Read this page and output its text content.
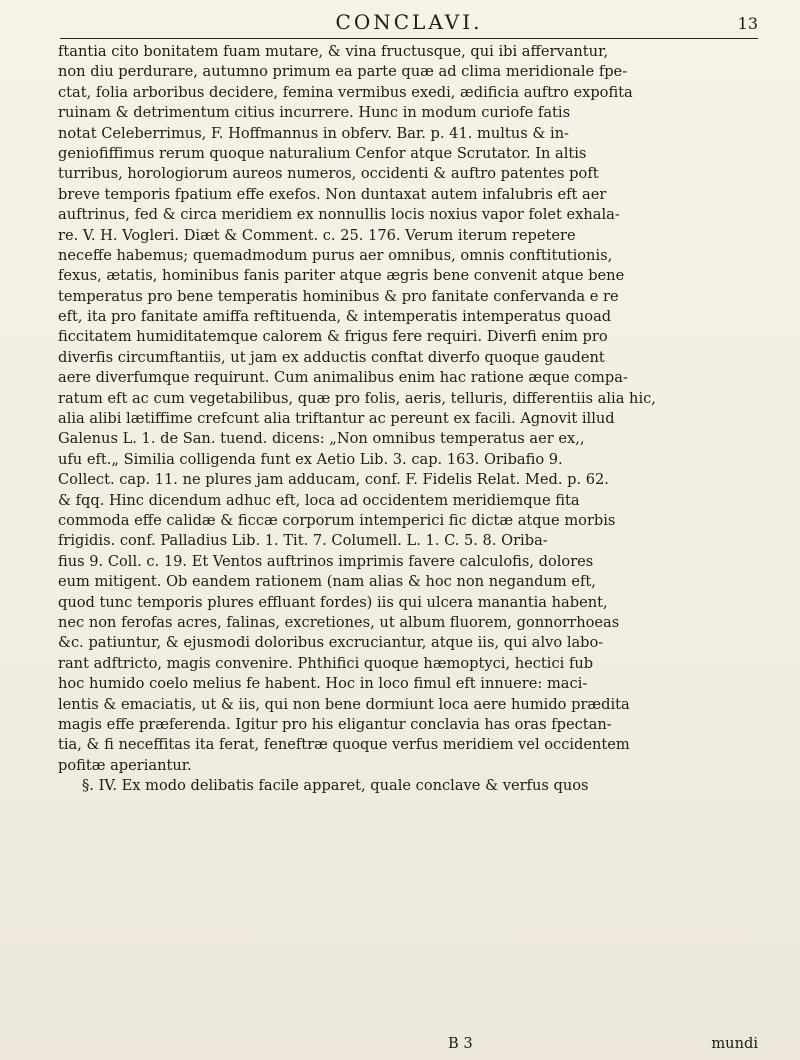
CONCLAVI.	13
ftantia cito bonitatem fuam mutare, & vina fructusque, qui ibi affervantur,
non diu perdurare, autumno primum ea parte quæ ad clima meridionale fpe-
ctat, folia arboribus decidere, femina vermibus exedi, ædificia auftro expofita
ruinam & detrimentum citius incurrere. Hunc in modum curiofe fatis
notat Celeberrimus, F. Hoffmannus in obferv. Bar. p. 41. multus & in-
geniofiffimus rerum quoque naturalium Cenfor atque Scrutator. In altis
turribus, horologiorum aureos numeros, occidenti & auftro patentes poft
breve temporis fpatium effe exefos. Non duntaxat autem infalubris eft aer
auftrinus, fed & circa meridiem ex nonnullis locis noxius vapor folet exhala-
re. V. H. Vogleri. Diæt & Comment. c. 25. 176. Verum iterum repetere
neceffe habemus; quemadmodum purus aer omnibus, omnis conftitutionis,
fexus, ætatis, hominibus fanis pariter atque ægris bene convenit atque bene
temperatus pro bene temperatis hominibus & pro fanitate confervanda e re
eft, ita pro fanitate amiffa reftituenda, & intemperatis intemperatus quoad
ficcitatem humiditatemque calorem & frigus fere requiri. Diverfi enim pro
diverfis circumftantiis, ut jam ex adductis conftat diverfo quoque gaudent
aere diverfumque requirunt. Cum animalibus enim hac ratione æque compa-
ratum eft ac cum vegetabilibus, quæ pro folis, aeris, telluris, differentiis alia hic,
alia alibi lætiffime crefcunt alia triftantur ac pereunt ex facili. Agnovit illud
Galenus L. 1. de San. tuend. dicens: „Non omnibus temperatus aer ex,,
ufu eft.„ Similia colligenda funt ex Aetio Lib. 3. cap. 163. Oribafio 9.
Collect. cap. 11. ne plures jam adducam, conf. F. Fidelis Relat. Med. p. 62.
& fqq. Hinc dicendum adhuc eft, loca ad occidentem meridiemque fita
commoda effe calidæ & ficcæ corporum intemperici fic dictæ atque morbis
frigidis. conf. Palladius Lib. 1. Tit. 7. Columell. L. 1. C. 5. 8. Oriba-
fius 9. Coll. c. 19. Et Ventos auftrinos imprimis favere calculofis, dolores
eum mitigent. Ob eandem rationem (nam alias & hoc non negandum eft,
quod tunc temporis plures effluant fordes) iis qui ulcera manantia habent,
nec non ferofas acres, falinas, excretiones, ut album fluorem, gonnorrhoeas
&c. patiuntur, & ejusmodi doloribus excruciantur, atque iis, qui alvo labo-
rant adftricto, magis convenire. Phthifici quoque hæmoptyci, hectici fub
hoc humido coelo melius fe habent. Hoc in loco fimul eft innuere: maci-
lentis & emaciatis, ut & iis, qui non bene dormiunt loca aere humido prædita
magis effe præferenda. Igitur pro his eligantur conclavia has oras fpectan-
tia, & fi neceffitas ita ferat, feneftræ quoque verfus meridiem vel occidentem
pofitæ aperiantur.
§. IV. Ex modo delibatis facile apparet, quale conclave & verfus quos
B 3	mundi
